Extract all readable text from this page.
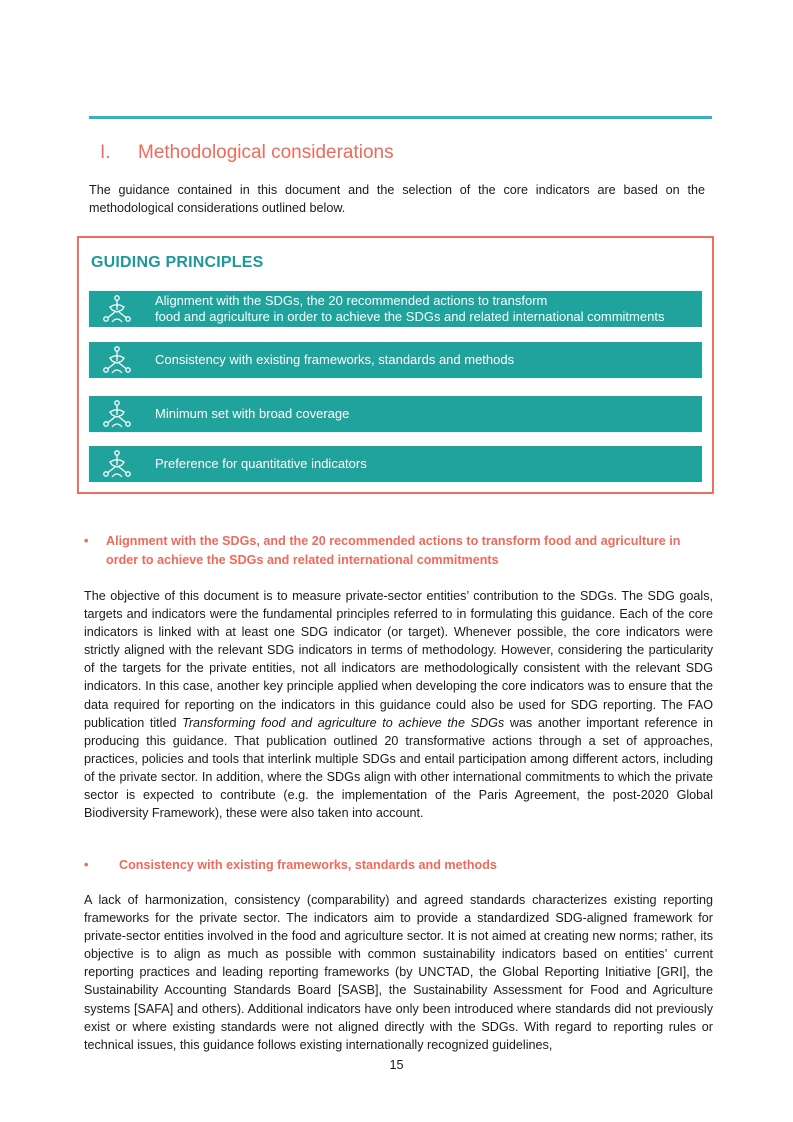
I. Methodological considerations

The guidance contained in this document and the selection of the core indicators are based on the methodological considerations outlined below.

GUIDING PRINCIPLES
Alignment with the SDGs, the 20 recommended actions to transform
food and agriculture in order to achieve the SDGs and related international commitments
Consistency with existing frameworks, standards and methods
Minimum set with broad coverage
Preference for quantitative indicators
•	Alignment with the SDGs, and the 20 recommended actions to transform food and agriculture in order to achieve the SDGs and related international commitments

The objective of this document is to measure private-sector entities’ contribution to the SDGs. The SDG goals, targets and indicators were the fundamental principles referred to in formulating this guidance. Each of the core indicators is linked with at least one SDG indicator (or target). Whenever possible, the core indicators were strictly aligned with the relevant SDG indicators in terms of methodology. However, considering the particularity of the targets for the private entities, not all indicators are methodologically consistent with the relevant SDG indicators. In this case, another key principle applied when developing the core indicators was to ensure that the data required for reporting on the indicators in this guidance could also be used for SDG reporting. The FAO publication titled Transforming food and agriculture to achieve the SDGs was another important reference in producing this guidance. That publication outlined 20 transformative actions through a set of approaches, practices, policies and tools that interlink multiple SDGs and entail participation among different actors, including of the private sector. In addition, where the SDGs align with other international commitments to which the private sector is expected to contribute (e.g. the implementation of the Paris Agreement, the post-2020 Global Biodiversity Framework), these were also taken into account.

•	Consistency with existing frameworks, standards and methods

A lack of harmonization, consistency (comparability) and agreed standards characterizes existing reporting frameworks for the private sector. The indicators aim to provide a standardized SDG-aligned framework for private-sector entities involved in the food and agriculture sector. It is not aimed at creating new norms; rather, its objective is to align as much as possible with common sustainability indicators based on entities’ current reporting practices and leading reporting frameworks (by UNCTAD, the Global Reporting Initiative [GRI], the Sustainability Accounting Standards Board [SASB], the Sustainability Assessment for Food and Agriculture systems [SAFA] and others). Additional indicators have only been introduced where standards did not previously exist or where existing standards were not aligned directly with the SDGs. With regard to reporting rules or technical issues, this guidance follows existing internationally recognized guidelines,

15
